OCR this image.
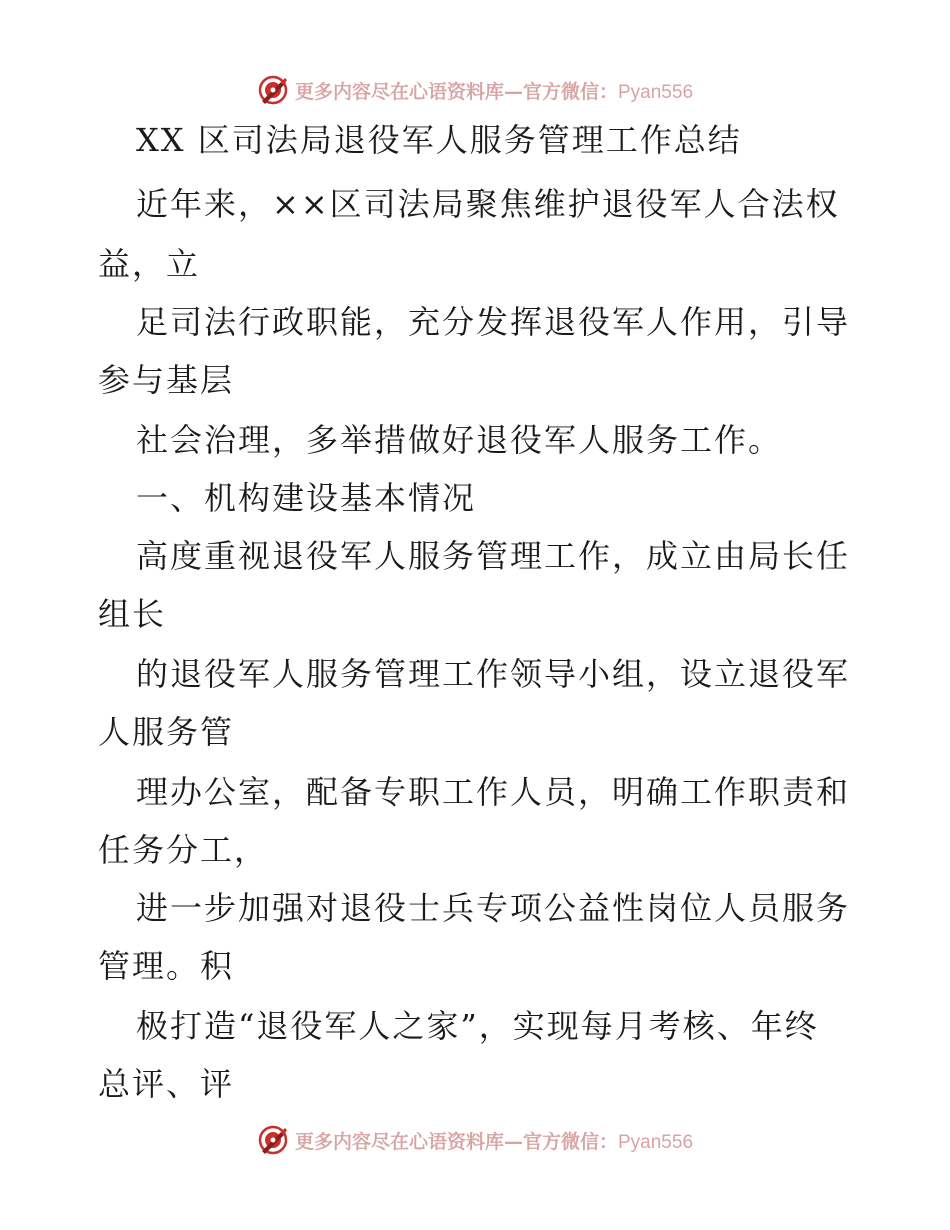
更多内容尽在心语资料库—官方微信：Pyan556
XX 区司法局退役军人服务管理工作总结
近年来，××区司法局聚焦维护退役军人合法权
益，立
足司法行政职能，充分发挥退役军人作用，引导
参与基层
社会治理，多举措做好退役军人服务工作。
一、机构建设基本情况
高度重视退役军人服务管理工作，成立由局长任
组长
的退役军人服务管理工作领导小组，设立退役军
人服务管
理办公室，配备专职工作人员，明确工作职责和
任务分工，
进一步加强对退役士兵专项公益性岗位人员服务
管理。积
极打造“退役军人之家”，实现每月考核、年终
总评、评
更多内容尽在心语资料库—官方微信：Pyan556
